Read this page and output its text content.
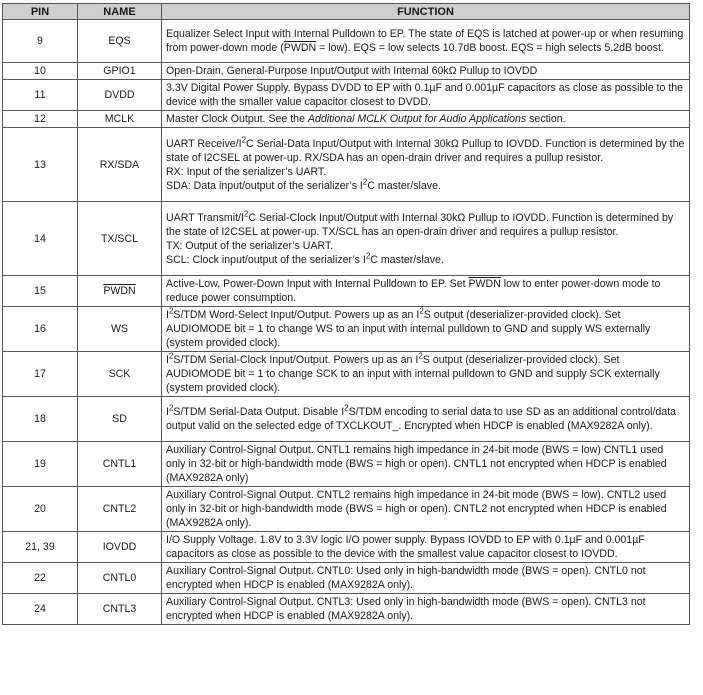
PIN	NAME	FUNCTION
9	EQS	Equalizer Select Input with Internal Pulldown to EP. The state of EQS is latched at power-up or when resuming from power-down mode (PWDN = low). EQS = low selects 10.7dB boost. EQS = high selects 5.2dB boost.
10	GPIO1	Open-Drain, General-Purpose Input/Output with Internal 60kΩ Pullup to IOVDD
11	DVDD	3.3V Digital Power Supply. Bypass DVDD to EP with 0.1µF and 0.001µF capacitors as close as possible to the device with the smaller value capacitor closest to DVDD.
12	MCLK	Master Clock Output. See the Additional MCLK Output for Audio Applications section.
13	RX/SDA	UART Receive/$I^2C$ Serial-Data Input/Output with Internal 30kΩ Pullup to IOVDD. Function is determined by the state of I2CSEL at power-up. RX/SDA has an open-drain driver and requires a pullup resistor.
RX: Input of the serializer’s UART.
SDA: Data input/output of the serializer’s $I^2C$ master/slave.

14	TX/SCL	UART Transmit/$I^2C$ Serial-Clock Input/Output with Internal 30kΩ Pullup to IOVDD. Function is determined by the state of I2CSEL at power-up. TX/SCL has an open-drain driver and requires a pullup resistor.
TX: Output of the serializer’s UART.
SCL: Clock input/output of the serializer’s $I^2C$ master/slave.

15	PWDN	Active-Low, Power-Down Input with Internal Pulldown to EP. Set PWDN low to enter power-down mode to reduce power consumption.
16	WS	$I^2S$/TDM Word-Select Input/Output. Powers up as an $I^2S$ output (deserializer-provided clock). Set AUDIOMODE bit = 1 to change WS to an input with internal pulldown to GND and supply WS externally (system provided clock).
17	SCK	$I^2S$/TDM Serial-Clock Input/Output. Powers up as an $I^2S$ output (deserializer-provided clock). Set AUDIOMODE bit = 1 to change SCK to an input with internal pulldown to GND and supply SCK externally (system provided clock).
18	SD	$I^2S$/TDM Serial-Data Output. Disable $I^2S$/TDM encoding to serial data to use SD as an additional control/data output valid on the selected edge of TXCLKOUT_. Encrypted when HDCP is enabled (MAX9282A only).
19	CNTL1	Auxiliary Control-Signal Output. CNTL1 remains high impedance in 24-bit mode (BWS = low) CNTL1 used only in 32-bit or high-bandwidth mode (BWS = high or open). CNTL1 not encrypted when HDCP is enabled (MAX9282A only)
20	CNTL2	Auxiliary Control-Signal Output. CNTL2 remains high impedance in 24-bit mode (BWS = low). CNTL2 used only in 32-bit or high-bandwidth mode (BWS = high or open). CNTL2 not encrypted when HDCP is enabled (MAX9282A only).
21, 39	IOVDD	I/O Supply Voltage. 1.8V to 3.3V logic I/O power supply. Bypass IOVDD to EP with 0.1µF and 0.001µF capacitors as close as possible to the device with the smallest value capacitor closest to IOVDD.
22	CNTL0	Auxiliary Control-Signal Output. CNTL0: Used only in high-bandwidth mode (BWS = open). CNTL0 not encrypted when HDCP is enabled (MAX9282A only).
24	CNTL3	Auxiliary Control-Signal Output. CNTL3: Used only in high-bandwidth mode (BWS = open). CNTL3 not encrypted when HDCP is enabled (MAX9282A only).
